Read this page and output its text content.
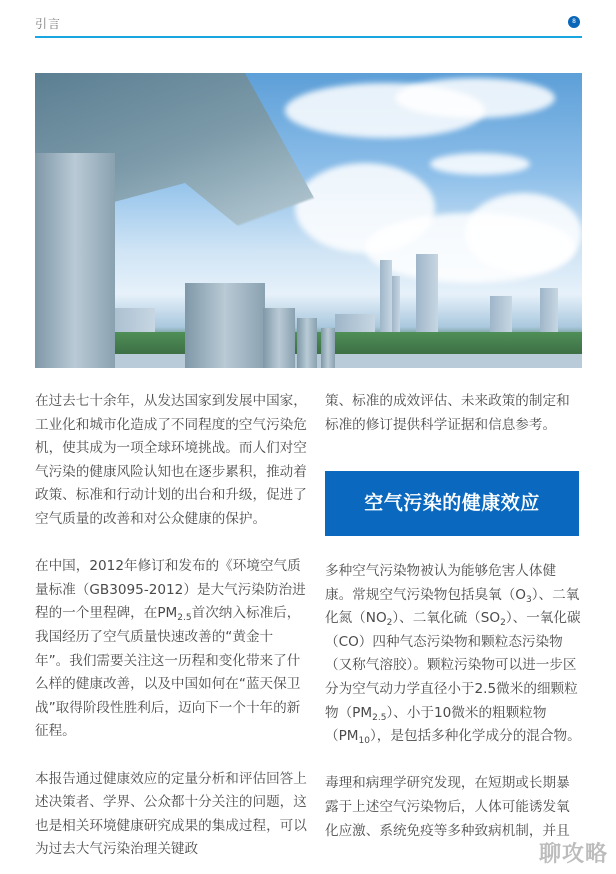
引言	8

在过去七十余年，从发达国家到发展中国家，工业化和城市化造成了不同程度的空气污染危机，使其成为一项全球环境挑战。而人们对空气污染的健康风险认知也在逐步累积，推动着政策、标准和行动计划的出台和升级，促进了空气质量的改善和对公众健康的保护。

在中国，2012年修订和发布的《环境空气质量标准（GB3095-2012）是大气污染防治进程的一个里程碑，在$PM_{2.5}$首次纳入标准后，我国经历了空气质量快速改善的“黄金十年”。我们需要关注这一历程和变化带来了什么样的健康改善，以及中国如何在“蓝天保卫战”取得阶段性胜利后，迈向下一个十年的新征程。

本报告通过健康效应的定量分析和评估回答上述决策者、学界、公众都十分关注的问题，这也是相关环境健康研究成果的集成过程，可以为过去大气污染治理关键政

策、标准的成效评估、未来政策的制定和标准的修订提供科学证据和信息参考。

空气污染的健康效应

多种空气污染物被认为能够危害人体健康。常规空气污染物包括臭氧$(O_3)$、二氧化氮$(NO_2)$、二氧化硫$(SO_2)$、一氧化碳（CO）四种气态污染物和颗粒态污染物（又称气溶胶）。颗粒污染物可以进一步区分为空气动力学直径小于2.5微米的细颗粒物$(PM_{2.5})$、小于10微米的粗颗粒物$(PM_{10})$，是包括多种化学成分的混合物。

毒理和病理学研究发现，在短期或长期暴露于上述空气污染物后，人体可能诱发氧化应激、系统免疫等多种致病机制，并且

聊攻略
